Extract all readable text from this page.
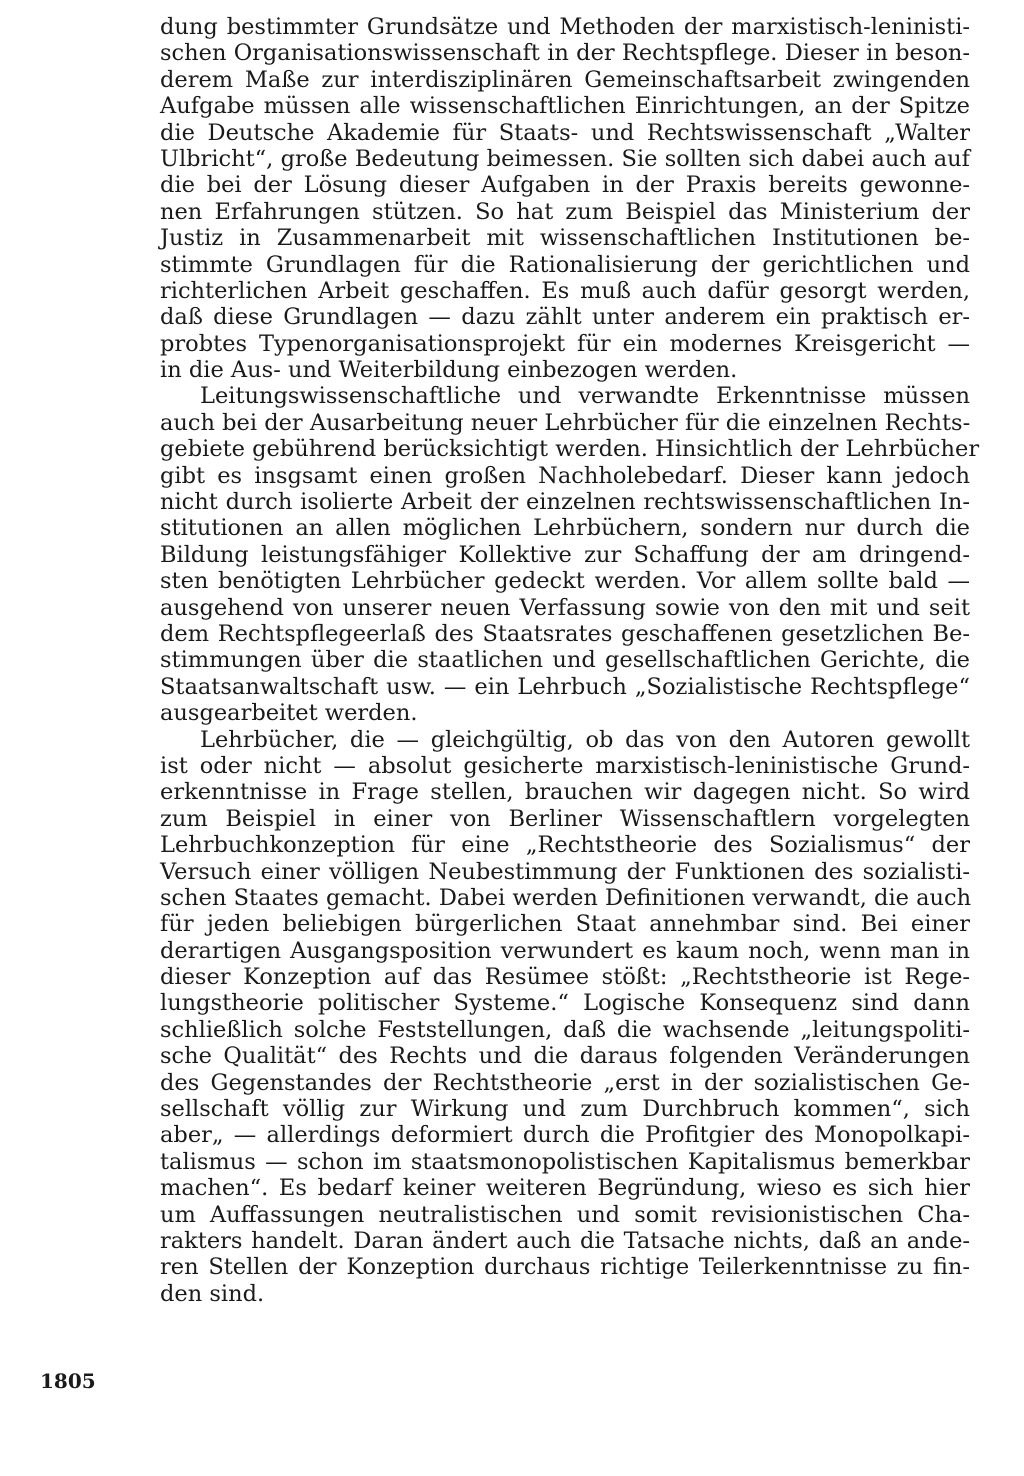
dung bestimmter Grundsätze und Methoden der marxistisch-leninisti-
schen Organisationswissenschaft in der Rechtspflege. Dieser in beson-
derem Maße zur interdisziplinären Gemeinschaftsarbeit zwingenden
Aufgabe müssen alle wissenschaftlichen Einrichtungen, an der Spitze
die Deutsche Akademie für Staats- und Rechtswissenschaft „Walter
Ulbricht“, große Bedeutung beimessen. Sie sollten sich dabei auch auf
die bei der Lösung dieser Aufgaben in der Praxis bereits gewonne-
nen Erfahrungen stützen. So hat zum Beispiel das Ministerium der
Justiz in Zusammenarbeit mit wissenschaftlichen Institutionen be-
stimmte Grundlagen für die Rationalisierung der gerichtlichen und
richterlichen Arbeit geschaffen. Es muß auch dafür gesorgt werden,
daß diese Grundlagen — dazu zählt unter anderem ein praktisch er-
probtes Typenorganisationsprojekt für ein modernes Kreisgericht —
in die Aus- und Weiterbildung einbezogen werden.
Leitungswissenschaftliche und verwandte Erkenntnisse müssen
auch bei der Ausarbeitung neuer Lehrbücher für die einzelnen Rechts-
gebiete gebührend berücksichtigt werden. Hinsichtlich der Lehrbücher
gibt es insgsamt einen großen Nachholebedarf. Dieser kann jedoch
nicht durch isolierte Arbeit der einzelnen rechtswissenschaftlichen In-
stitutionen an allen möglichen Lehrbüchern, sondern nur durch die
Bildung leistungsfähiger Kollektive zur Schaffung der am dringend-
sten benötigten Lehrbücher gedeckt werden. Vor allem sollte bald —
ausgehend von unserer neuen Verfassung sowie von den mit und seit
dem Rechtspflegeerlaß des Staatsrates geschaffenen gesetzlichen Be-
stimmungen über die staatlichen und gesellschaftlichen Gerichte, die
Staatsanwaltschaft usw. — ein Lehrbuch „Sozialistische Rechtspflege“
ausgearbeitet werden.
Lehrbücher, die — gleichgültig, ob das von den Autoren gewollt
ist oder nicht — absolut gesicherte marxistisch-leninistische Grund-
erkenntnisse in Frage stellen, brauchen wir dagegen nicht. So wird
zum Beispiel in einer von Berliner Wissenschaftlern vorgelegten
Lehrbuchkonzeption für eine „Rechtstheorie des Sozialismus“ der
Versuch einer völligen Neubestimmung der Funktionen des sozialisti-
schen Staates gemacht. Dabei werden Definitionen verwandt, die auch
für jeden beliebigen bürgerlichen Staat annehmbar sind. Bei einer
derartigen Ausgangsposition verwundert es kaum noch, wenn man in
dieser Konzeption auf das Resümee stößt: „Rechtstheorie ist Rege-
lungstheorie politischer Systeme.“ Logische Konsequenz sind dann
schließlich solche Feststellungen, daß die wachsende „leitungspoliti-
sche Qualität“ des Rechts und die daraus folgenden Veränderungen
des Gegenstandes der Rechtstheorie „erst in der sozialistischen Ge-
sellschaft völlig zur Wirkung und zum Durchbruch kommen“, sich
aber„ — allerdings deformiert durch die Profitgier des Monopolkapi-
talismus — schon im staatsmonopolistischen Kapitalismus bemerkbar
machen“. Es bedarf keiner weiteren Begründung, wieso es sich hier
um Auffassungen neutralistischen und somit revisionistischen Cha-
rakters handelt. Daran ändert auch die Tatsache nichts, daß an ande-
ren Stellen der Konzeption durchaus richtige Teilerkenntnisse zu fin-
den sind.
1805
